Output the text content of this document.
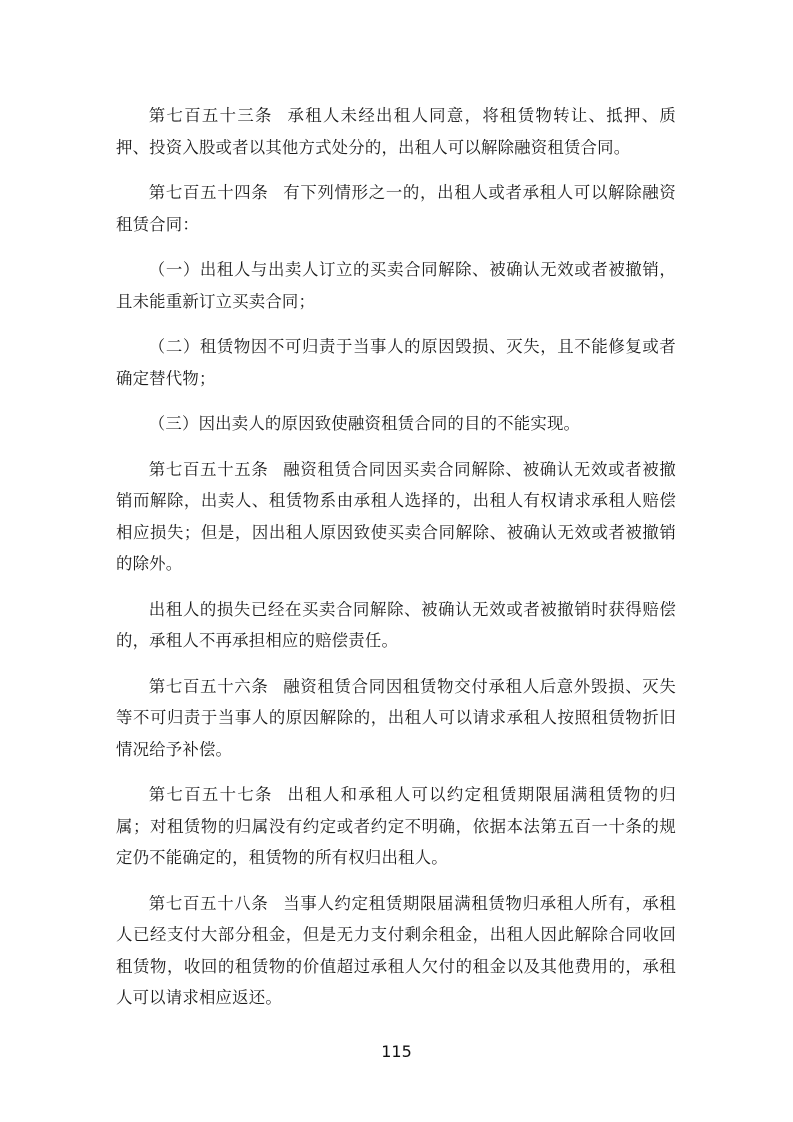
第七百五十三条 承租人未经出租人同意，将租赁物转让、抵押、质押、投资入股或者以其他方式处分的，出租人可以解除融资租赁合同。

第七百五十四条 有下列情形之一的，出租人或者承租人可以解除融资租赁合同：

（一）出租人与出卖人订立的买卖合同解除、被确认无效或者被撤销，且未能重新订立买卖合同；

（二）租赁物因不可归责于当事人的原因毁损、灭失，且不能修复或者确定替代物；

（三）因出卖人的原因致使融资租赁合同的目的不能实现。

第七百五十五条 融资租赁合同因买卖合同解除、被确认无效或者被撤销而解除，出卖人、租赁物系由承租人选择的，出租人有权请求承租人赔偿相应损失；但是，因出租人原因致使买卖合同解除、被确认无效或者被撤销的除外。

出租人的损失已经在买卖合同解除、被确认无效或者被撤销时获得赔偿的，承租人不再承担相应的赔偿责任。

第七百五十六条 融资租赁合同因租赁物交付承租人后意外毁损、灭失等不可归责于当事人的原因解除的，出租人可以请求承租人按照租赁物折旧情况给予补偿。

第七百五十七条 出租人和承租人可以约定租赁期限届满租赁物的归属；对租赁物的归属没有约定或者约定不明确，依据本法第五百一十条的规定仍不能确定的，租赁物的所有权归出租人。

第七百五十八条 当事人约定租赁期限届满租赁物归承租人所有，承租人已经支付大部分租金，但是无力支付剩余租金，出租人因此解除合同收回租赁物，收回的租赁物的价值超过承租人欠付的租金以及其他费用的，承租人可以请求相应返还。

115
